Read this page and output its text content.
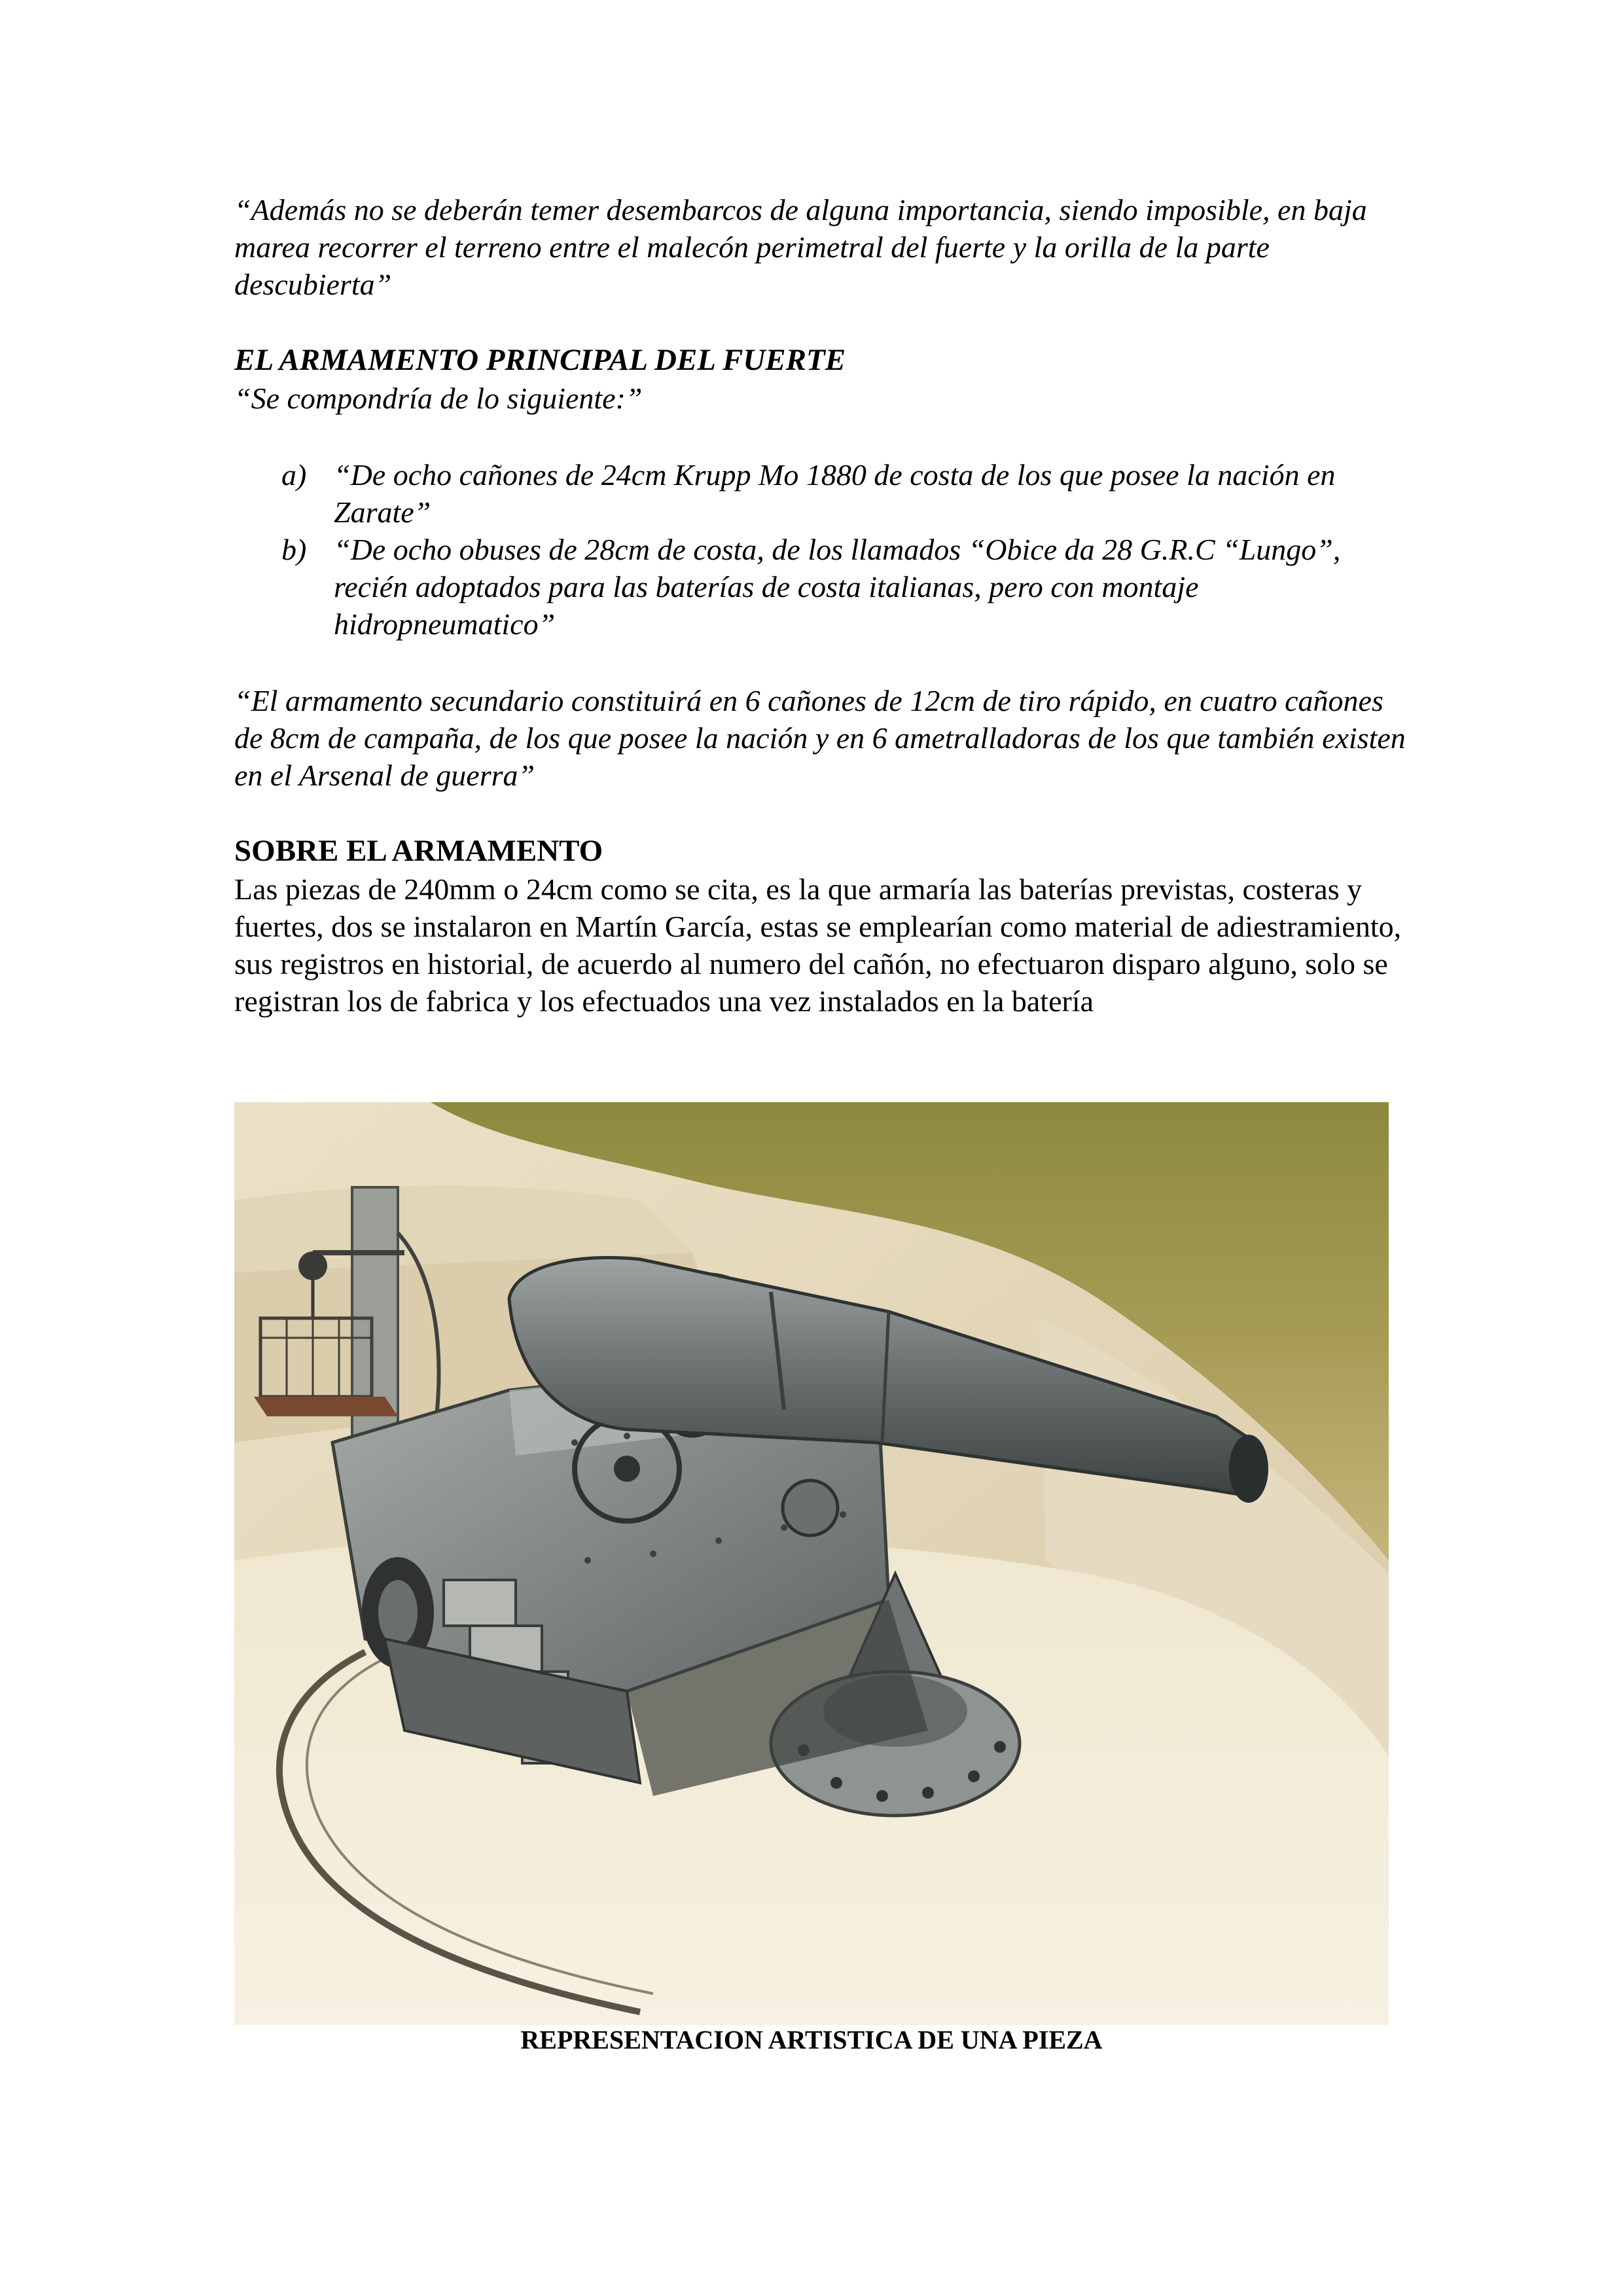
“Además no se deberán temer desembarcos de alguna importancia, siendo imposible, en baja marea recorrer el terreno entre el malecón perimetral del fuerte y la orilla de la parte descubierta”
EL ARMAMENTO PRINCIPAL DEL FUERTE
“Se compondría de lo siguiente:”
a) “De ocho cañones de 24cm Krupp Mo 1880 de costa de los que posee la nación en Zarate”
b) “De ocho obuses de 28cm de costa, de los llamados “Obice da 28 G.R.C “Lungo”, recién adoptados para las baterías de costa italianas, pero con montaje hidropneumatico”
“El armamento secundario constituirá en 6 cañones de 12cm de tiro rápido, en cuatro cañones de 8cm de campaña, de los que posee la nación y en 6 ametralladoras de los que también existen en el Arsenal de guerra”
SOBRE EL ARMAMENTO
Las piezas de 240mm o 24cm como se cita, es la que armaría las baterías previstas, costeras y fuertes, dos se instalaron en Martín García, estas se emplearían como material de adiestramiento, sus registros en historial, de acuerdo al numero del cañón, no efectuaron disparo alguno, solo se registran los de fabrica y los efectuados una vez instalados en la batería
REPRESENTACION ARTISTICA DE UNA PIEZA
